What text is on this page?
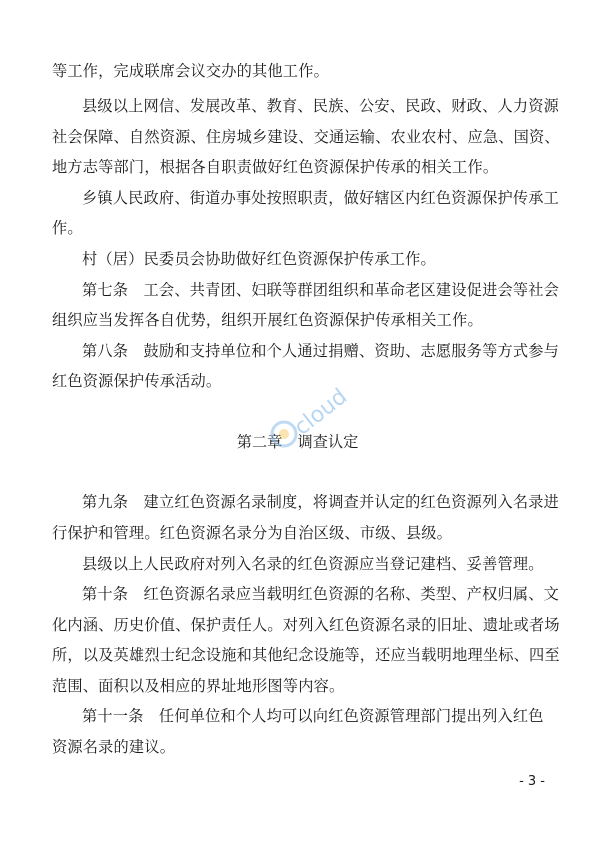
等工作，完成联席会议交办的其他工作。
县级以上网信、发展改革、教育、民族、公安、民政、财政、人力资源
社会保障、自然资源、住房城乡建设、交通运输、农业农村、应急、国资、
地方志等部门，根据各自职责做好红色资源保护传承的相关工作。
乡镇人民政府、街道办事处按照职责，做好辖区内红色资源保护传承工
作。
村（居）民委员会协助做好红色资源保护传承工作。
第七条　工会、共青团、妇联等群团组织和革命老区建设促进会等社会
组织应当发挥各自优势，组织开展红色资源保护传承相关工作。
第八条　鼓励和支持单位和个人通过捐赠、资助、志愿服务等方式参与
红色资源保护传承活动。
第二章　调查认定
第九条　建立红色资源名录制度，将调查并认定的红色资源列入名录进
行保护和管理。红色资源名录分为自治区级、市级、县级。
县级以上人民政府对列入名录的红色资源应当登记建档、妥善管理。
第十条　红色资源名录应当载明红色资源的名称、类型、产权归属、文
化内涵、历史价值、保护责任人。对列入红色资源名录的旧址、遗址或者场
所，以及英雄烈士纪念设施和其他纪念设施等，还应当载明地理坐标、四至
范围、面积以及相应的界址地形图等内容。
第十一条　任何单位和个人均可以向红色资源管理部门提出列入红色
资源名录的建议。
- 3 -
cloud
